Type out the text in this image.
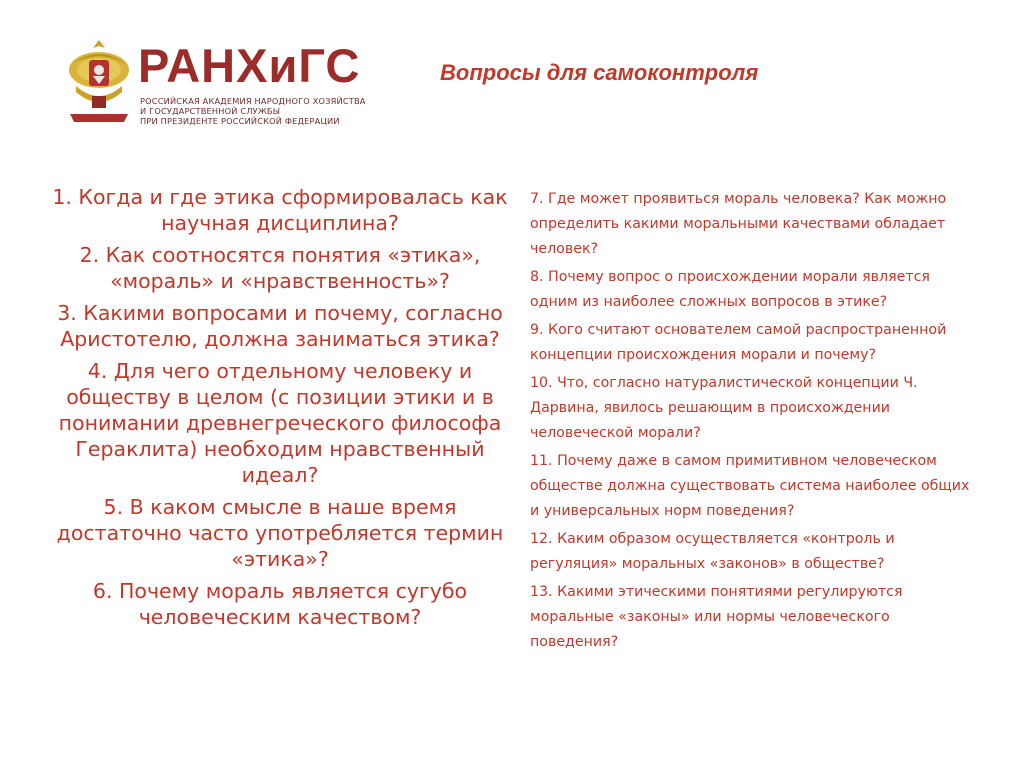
РАНХиГС
РОССИЙСКАЯ АКАДЕМИЯ НАРОДНОГО ХОЗЯЙСТВА
И ГОСУДАРСТВЕННОЙ СЛУЖБЫ
ПРИ ПРЕЗИДЕНТЕ РОССИЙСКОЙ ФЕДЕРАЦИИ
Вопросы для самоконтроля

1. Когда и где этика сформировалась как научная дисциплина?

2. Как соотносятся понятия «этика», «мораль» и «нравственность»?

3. Какими вопросами и почему, согласно Аристотелю, должна заниматься этика?

4. Для чего отдельному человеку и обществу в целом (с позиции этики и в понимании древнегреческого философа Гераклита) необходим нравственный идеал?

5. В каком смысле в наше время достаточно часто употребляется термин «этика»?

6. Почему мораль является сугубо человеческим качеством?

7. Где может проявиться мораль человека? Как можно определить какими моральными качествами обладает человек?

8. Почему вопрос о происхождении морали является одним из наиболее сложных вопросов в этике?

9. Кого считают основателем самой распространенной концепции происхождения морали и почему?

10. Что, согласно натуралистической концепции Ч. Дарвина, явилось решающим в происхождении человеческой морали?

11. Почему даже в самом примитивном человеческом обществе должна существовать система наиболее общих и универсальных норм поведения?

12. Каким образом осуществляется «контроль и регуляция» моральных «законов» в обществе?

13. Какими этическими понятиями регулируются моральные «законы» или нормы человеческого поведения?
